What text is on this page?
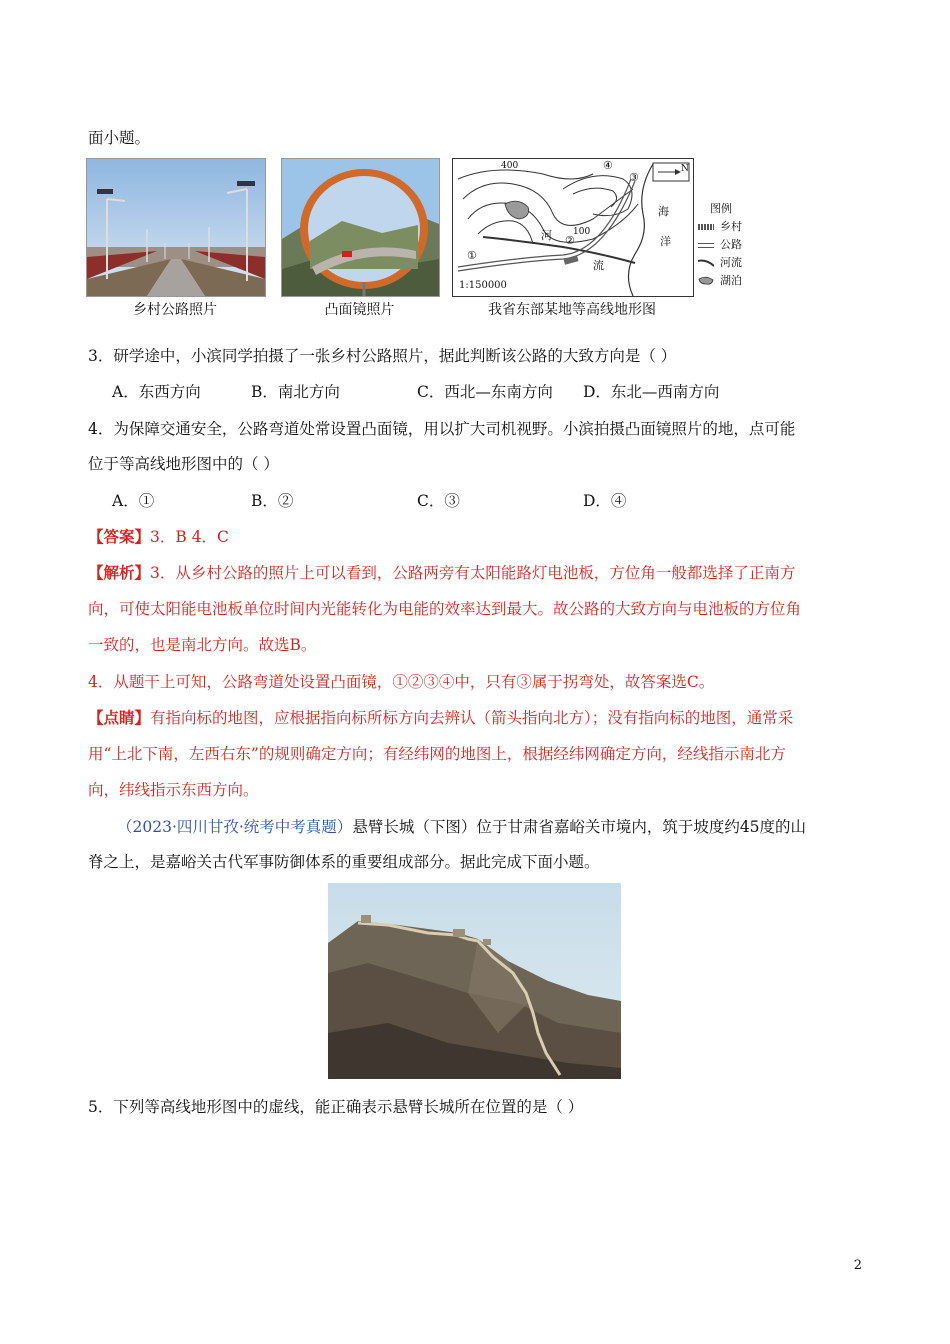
面小题。
乡村公路照片	凸面镜照片
400
100
N
海
洋
河
流
1:150000
①
②
③
④
图例
乡村
公路
河流
湖泊
我省东部某地等高线地形图
3．研学途中，小滨同学拍摄了一张乡村公路照片，据此判断该公路的大致方向是（ ）
A．东西方向	B．南北方向	C．西北—东南方向 D．东北—西南方向
4．为保障交通安全，公路弯道处常设置凸面镜，用以扩大司机视野。小滨拍摄凸面镜照片的地，点可能
位于等高线地形图中的（ ）
A．①	B．②	C．③	D．④
【答案】3．B 4．C
【解析】3．从乡村公路的照片上可以看到，公路两旁有太阳能路灯电池板，方位角一般都选择了正南方
向，可使太阳能电池板单位时间内光能转化为电能的效率达到最大。故公路的大致方向与电池板的方位角
一致的，也是南北方向。故选B。
4．从题干上可知，公路弯道处设置凸面镜，①②③④中，只有③属于拐弯处，故答案选C。
【点睛】有指向标的地图，应根据指向标所标方向去辨认（箭头指向北方）；没有指向标的地图，通常采
用“上北下南，左西右东”的规则确定方向；有经纬网的地图上，根据经纬网确定方向，经线指示南北方
向，纬线指示东西方向。
（2023·四川甘孜·统考中考真题）悬臂长城（下图）位于甘肃省嘉峪关市境内，筑于坡度约45度的山
脊之上，是嘉峪关古代军事防御体系的重要组成部分。据此完成下面小题。
5．下列等高线地形图中的虚线，能正确表示悬臂长城所在位置的是（ ）
2
